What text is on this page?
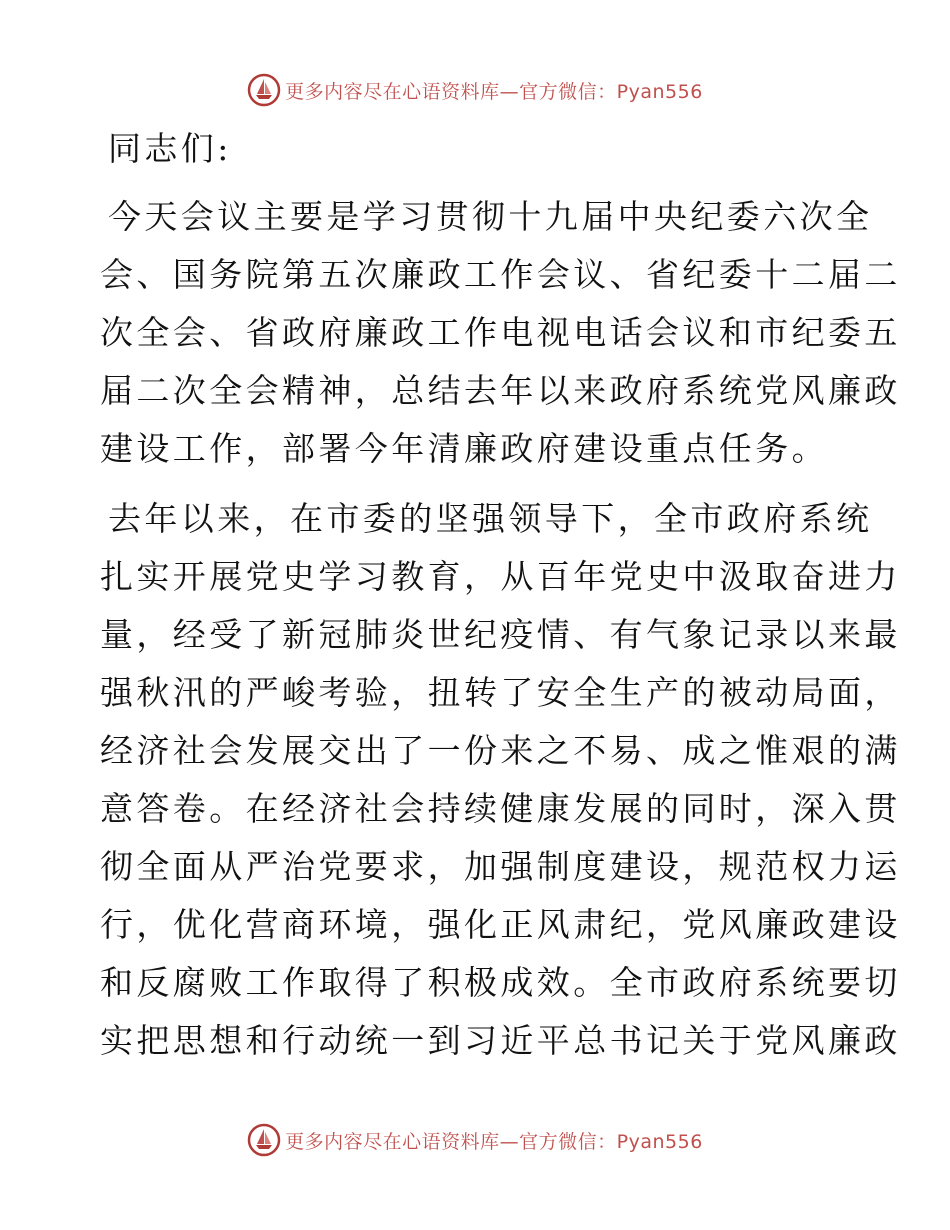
更多内容尽在心语资料库—官方微信：Pyan556
同志们:
今天会议主要是学习贯彻十九届中央纪委六次全
会、国务院第五次廉政工作会议、省纪委十二届二
次全会、省政府廉政工作电视电话会议和市纪委五
届二次全会精神，总结去年以来政府系统党风廉政
建设工作，部署今年清廉政府建设重点任务。
去年以来，在市委的坚强领导下，全市政府系统
扎实开展党史学习教育，从百年党史中汲取奋进力
量，经受了新冠肺炎世纪疫情、有气象记录以来最
强秋汛的严峻考验，扭转了安全生产的被动局面，
经济社会发展交出了一份来之不易、成之惟艰的满
意答卷。在经济社会持续健康发展的同时，深入贯
彻全面从严治党要求，加强制度建设，规范权力运
行，优化营商环境，强化正风肃纪，党风廉政建设
和反腐败工作取得了积极成效。全市政府系统要切
实把思想和行动统一到习近平总书记关于党风廉政
更多内容尽在心语资料库—官方微信：Pyan556
